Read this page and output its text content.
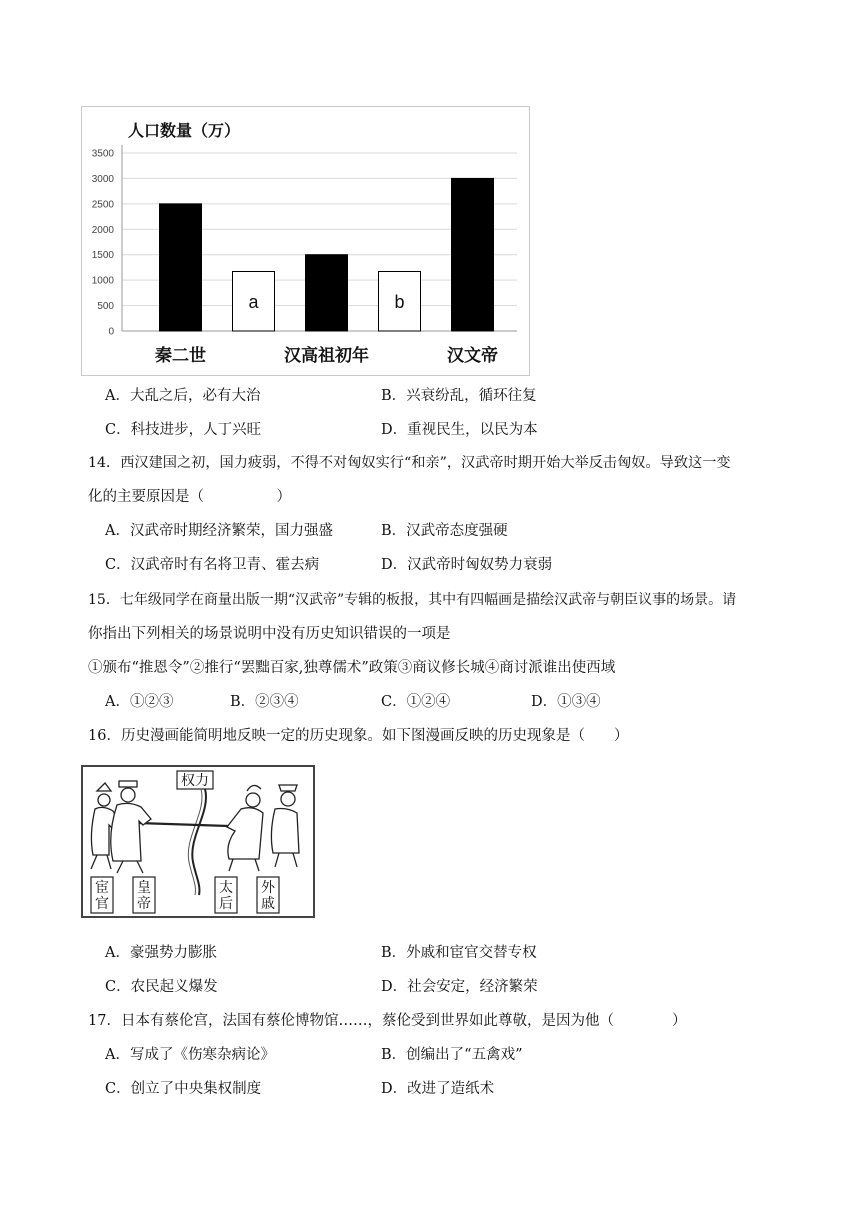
人口数量（万）
0
500
1000
1500
2000
2500
3000
3500
a	b
秦二世	汉高祖初年	汉文帝
A．大乱之后，必有大治	B．兴衰纷乱，循环往复
C．科技进步，人丁兴旺	D．重视民生，以民为本
14．西汉建国之初，国力疲弱，不得不对匈奴实行“和亲”，汉武帝时期开始大举反击匈奴。导致这一变
化的主要原因是（　　　　　）
A．汉武帝时期经济繁荣，国力强盛	B．汉武帝态度强硬
C．汉武帝时有名将卫青、霍去病	D．汉武帝时匈奴势力衰弱
15．七年级同学在商量出版一期“汉武帝”专辑的板报，其中有四幅画是描绘汉武帝与朝臣议事的场景。请
你指出下列相关的场景说明中没有历史知识错误的一项是
①颁布“推恩令”②推行“罢黜百家,独尊儒术”政策③商议修长城④商讨派谁出使西域
A．①②③	B．②③④	C．①②④	D．①③④
16．历史漫画能简明地反映一定的历史现象。如下图漫画反映的历史现象是（　　）
权力
宦
官
皇
帝
太
后
外
戚
A．豪强势力膨胀	B．外戚和宦官交替专权
C．农民起义爆发	D．社会安定，经济繁荣
17．日本有蔡伦宫，法国有蔡伦博物馆……，蔡伦受到世界如此尊敬，是因为他（　　　　）
A．写成了《伤寒杂病论》	B．创编出了“五禽戏”
C．创立了中央集权制度	D．改进了造纸术
